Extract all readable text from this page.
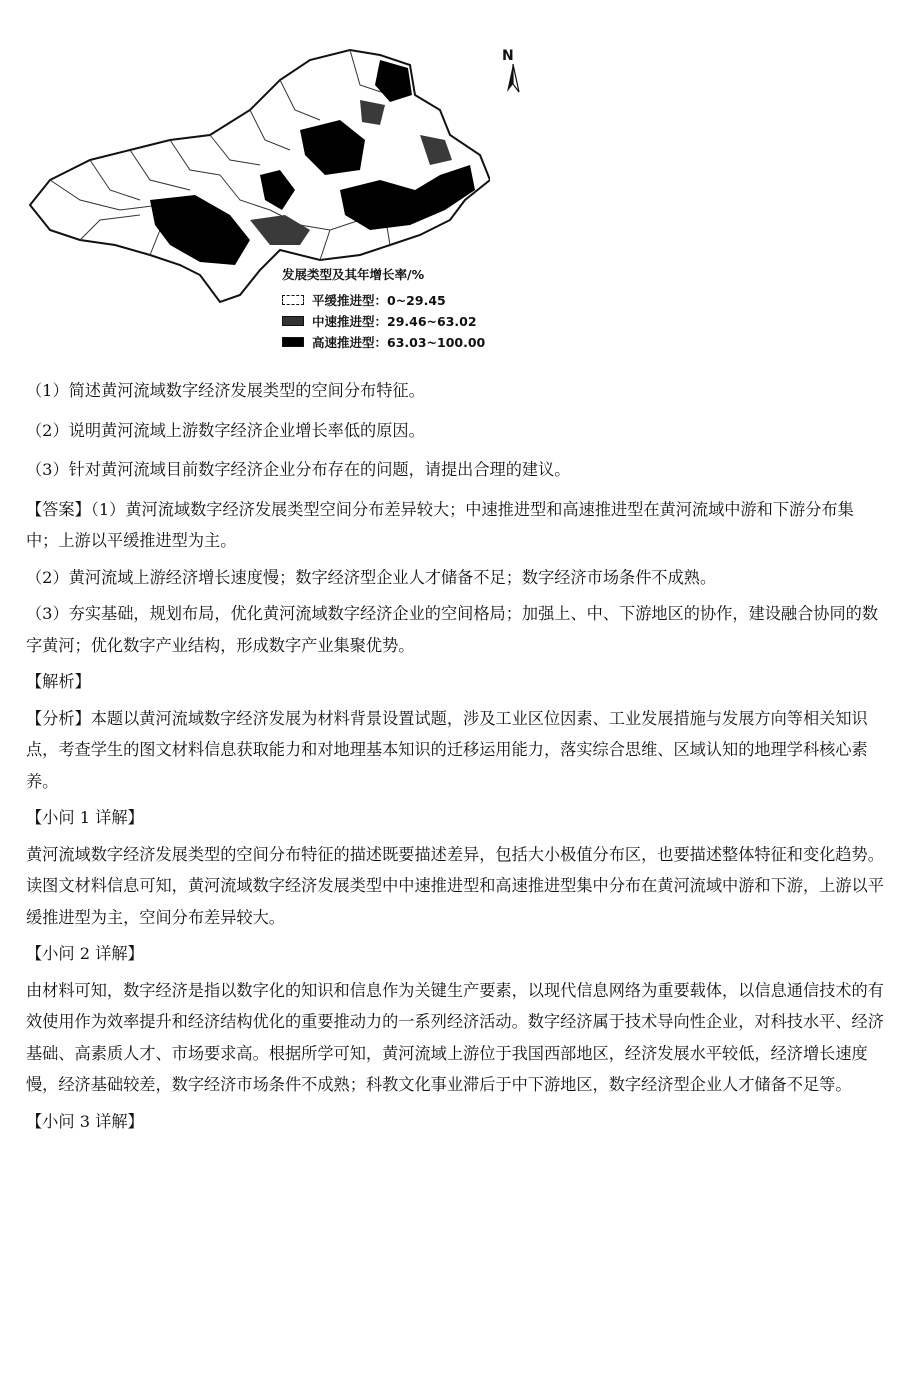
N
发展类型及其年增长率/%
平缓推进型：0~29.45
中速推进型：29.46~63.02
高速推进型：63.03~100.00

（1）简述黄河流域数字经济发展类型的空间分布特征。

（2）说明黄河流域上游数字经济企业增长率低的原因。

（3）针对黄河流域目前数字经济企业分布存在的问题，请提出合理的建议。

【答案】（1）黄河流域数字经济发展类型空间分布差异较大；中速推进型和高速推进型在黄河流域中游和下游分布集中；上游以平缓推进型为主。

（2）黄河流域上游经济增长速度慢；数字经济型企业人才储备不足；数字经济市场条件不成熟。

（3）夯实基础，规划布局，优化黄河流域数字经济企业的空间格局；加强上、中、下游地区的协作，建设融合协同的数字黄河；优化数字产业结构，形成数字产业集聚优势。

【解析】

【分析】本题以黄河流域数字经济发展为材料背景设置试题，涉及工业区位因素、工业发展措施与发展方向等相关知识点，考查学生的图文材料信息获取能力和对地理基本知识的迁移运用能力，落实综合思维、区域认知的地理学科核心素养。

【小问 1 详解】

黄河流域数字经济发展类型的空间分布特征的描述既要描述差异，包括大小极值分布区，也要描述整体特征和变化趋势。读图文材料信息可知，黄河流域数字经济发展类型中中速推进型和高速推进型集中分布在黄河流域中游和下游，上游以平缓推进型为主，空间分布差异较大。

【小问 2 详解】

由材料可知，数字经济是指以数字化的知识和信息作为关键生产要素，以现代信息网络为重要载体，以信息通信技术的有效使用作为效率提升和经济结构优化的重要推动力的一系列经济活动。数字经济属于技术导向性企业，对科技水平、经济基础、高素质人才、市场要求高。根据所学可知，黄河流域上游位于我国西部地区，经济发展水平较低，经济增长速度慢，经济基础较差，数字经济市场条件不成熟；科教文化事业滞后于中下游地区，数字经济型企业人才储备不足等。

【小问 3 详解】
